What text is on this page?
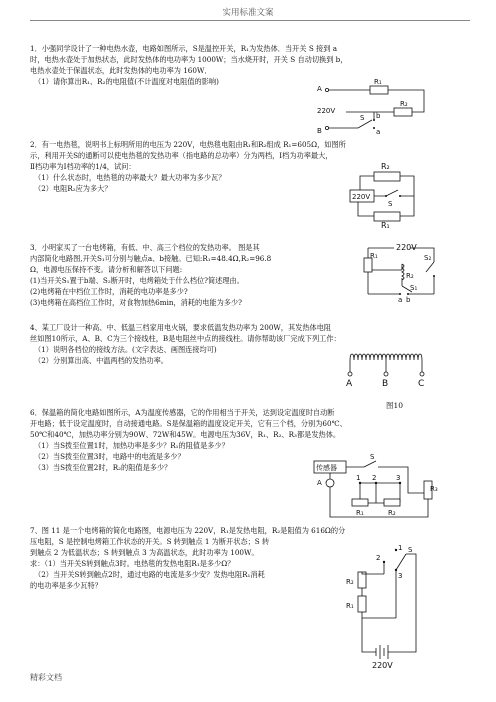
实用标准文案
1．小强同学设计了一种电热水壶，电路如图所示，S是温控开关，R₁为发热体．当开关 S 接到 a
时，电热水壶处于加热状态，此时发热体的电功率为 1000W；当水烧开时，开关 S 自动切换到 b，
电热水壶处于保温状态，此时发热体的电功率为 160W．
（1）请你算出R₁、R₂的电阻值(不计温度对电阻值的影响)
A
220V
B
R₁
R₂
S b
a
2．有一电热毯，说明书上标明所用的电压为 220V，电热毯电阻由R₁和R₂组成 R₁=605Ω，如图所
示，利用开关S的通断可以使电热毯的发热功率（指电路的总功率）分为两档，Ⅰ档为功率最大，
Ⅱ档功率为Ⅰ档功率的1/4，试问：
（1）什么状态时，电热毯的功率最大？最大功率为多少瓦？
（2）电阻R₂应为多大？
R₂
220V
S
R₁
3．小明家买了一台电烤箱，有低、中、高三个档位的发热功率。 图是其
内部简化电路图,开关S₁可分别与触点a、b接触。已知:R₁=48.4Ω,R₂=96.8
Ω，电源电压保持不变。请分析和解答以下问题:
(1)当开关S₁置于b端、S₂断开时，电烤箱处于什么档位?简述理由。
(2)电烤箱在中档位工作时，消耗的电功率是多少?
(3)电烤箱在高档位工作时，对食物加热6min，消耗的电能为多少?
220V
R₁	S₂
R₂
S₁
a b
4、某工厂设计一种高、中、低温三档家用电火锅，要求低温发热功率为 200W，其发热体电阻
丝如图10所示，A、B、C为三个接线柱，B是电阻丝中点的接线柱。请你帮助该厂完成下列工作：
（1）说明各档位的接线方法。(文字表达、画图连接均可)
（2）分别算出高、中温两档的发热功率。
A	B	C
图10
6．保温箱的简化电路如图所示，A为温度传感器，它的作用相当于开关，达到设定温度时自动断
开电路；低于设定温度时，自动接通电路。S是保温箱的温度设定开关，它有三个档，分别为60℃、
50℃和40℃，加热功率分别为90W、72W和45W。电源电压为36V，R₁、R₂、R₃都是发热体。
（1）当S拨至位置1时，加热功率是多少？R₁的阻值是多少？
（2）当S拨至位置3时，电路中的电流是多少？
（3）当S拨至位置2时，R₂的阻值是多少？	传感器
S
A
1 2	3
R₁	R₂
R₃
7、图 11 是一个电烤箱的简化电路图，电源电压为 220V，R₁是发热电阻，R₂是阻值为 616Ω的分
压电阻，S 是控制电烤箱工作状态的开关。S 转到触点 1 为断开状态；S 转
到触点 2 为低温状态；S 转到触点 3 为高温状态，此时功率为 100W。
求：（1）当开关S转到触点3时。电热毯的发热电阻R₁是多少Ω？
（2）当开关S转到触点2时，通过电路的电流是多少安？发热电阻R₁消耗
的电功率是多少瓦特？
1 S
2
3
R₂
R₁
220V
精彩文档
